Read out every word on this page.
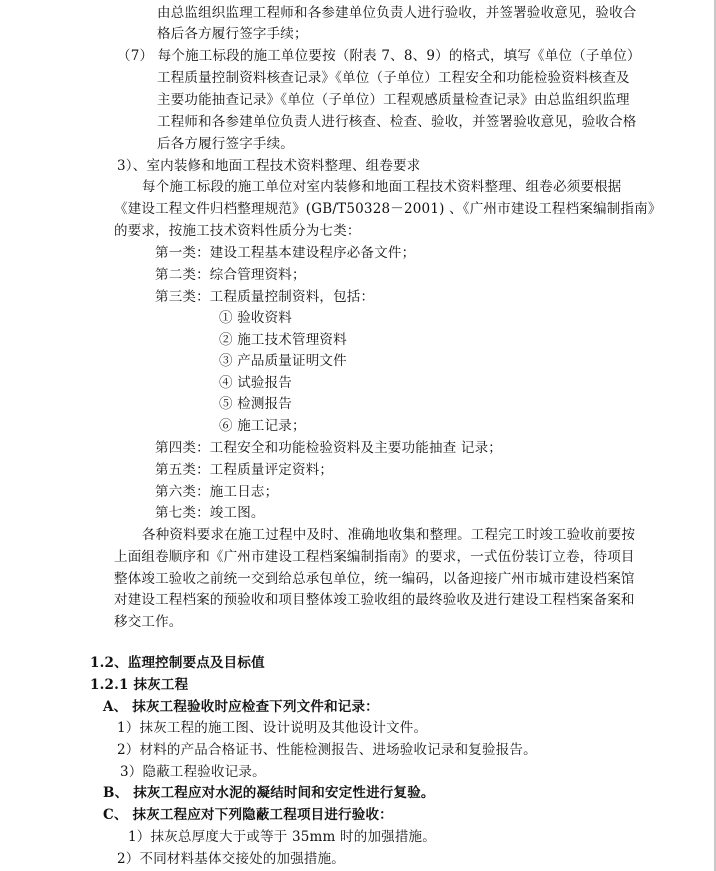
由总监组织监理工程师和各参建单位负责人进行验收，并签署验收意见，验收合
格后各方履行签字手续；
（7） 每个施工标段的施工单位要按（附表 7、8、9）的格式，填写《单位（子单位）
工程质量控制资料核查记录》《单位（子单位）工程安全和功能检验资料核查及
主要功能抽查记录》《单位（子单位）工程观感质量检查记录》由总监组织监理
工程师和各参建单位负责人进行核查、检查、验收，并签署验收意见，验收合格
后各方履行签字手续。
3）、室内装修和地面工程技术资料整理、组卷要求
每个施工标段的施工单位对室内装修和地面工程技术资料整理、组卷必须要根据
《建设工程文件归档整理规范》(GB/T50328－2001) 、《广州市建设工程档案编制指南》
的要求，按施工技术资料性质分为七类：
第一类：建设工程基本建设程序必备文件；
第二类：综合管理资料；
第三类：工程质量控制资料，包括：
① 验收资料
② 施工技术管理资料
③ 产品质量证明文件
④ 试验报告
⑤ 检测报告
⑥ 施工记录；
第四类：工程安全和功能检验资料及主要功能抽查 记录；
第五类：工程质量评定资料；
第六类：施工日志；
第七类：竣工图。
各种资料要求在施工过程中及时、准确地收集和整理。工程完工时竣工验收前要按
上面组卷顺序和《广州市建设工程档案编制指南》的要求，一式伍份装订立卷，待项目
整体竣工验收之前统一交到给总承包单位，统一编码，以备迎接广州市城市建设档案馆
对建设工程档案的预验收和项目整体竣工验收组的最终验收及进行建设工程档案备案和
移交工作。
1.2、监理控制要点及目标值
1.2.1 抹灰工程
A、 抹灰工程验收时应检查下列文件和记录：
1）抹灰工程的施工图、设计说明及其他设计文件。
2）材料的产品合格证书、性能检测报告、进场验收记录和复验报告。
3）隐蔽工程验收记录。
B、 抹灰工程应对水泥的凝结时间和安定性进行复验。
C、 抹灰工程应对下列隐蔽工程项目进行验收：
1）抹灰总厚度大于或等于 35mm 时的加强措施。
2）不同材料基体交接处的加强措施。
